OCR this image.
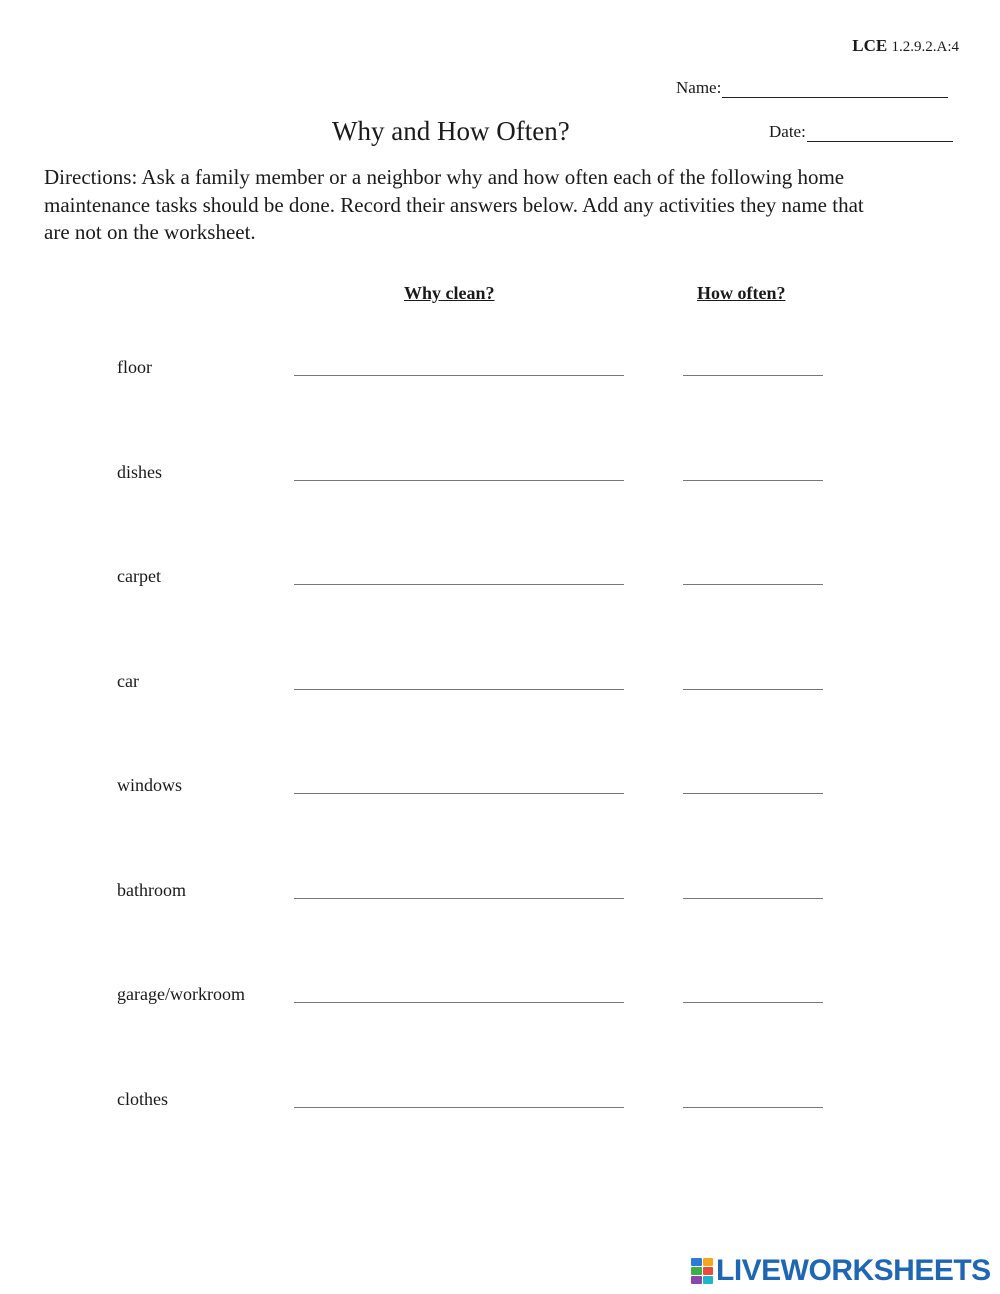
LCE 1.2.9.2.A:4
Name:
Why and How Often?	Date:
Directions: Ask a family member or a neighbor why and how often each of the following home maintenance tasks should be done. Record their answers below. Add any activities they name that are not on the worksheet.
Why clean?	How often?
floor
dishes
carpet
car
windows
bathroom
garage/workroom
clothes
LIVEWORKSHEETS
